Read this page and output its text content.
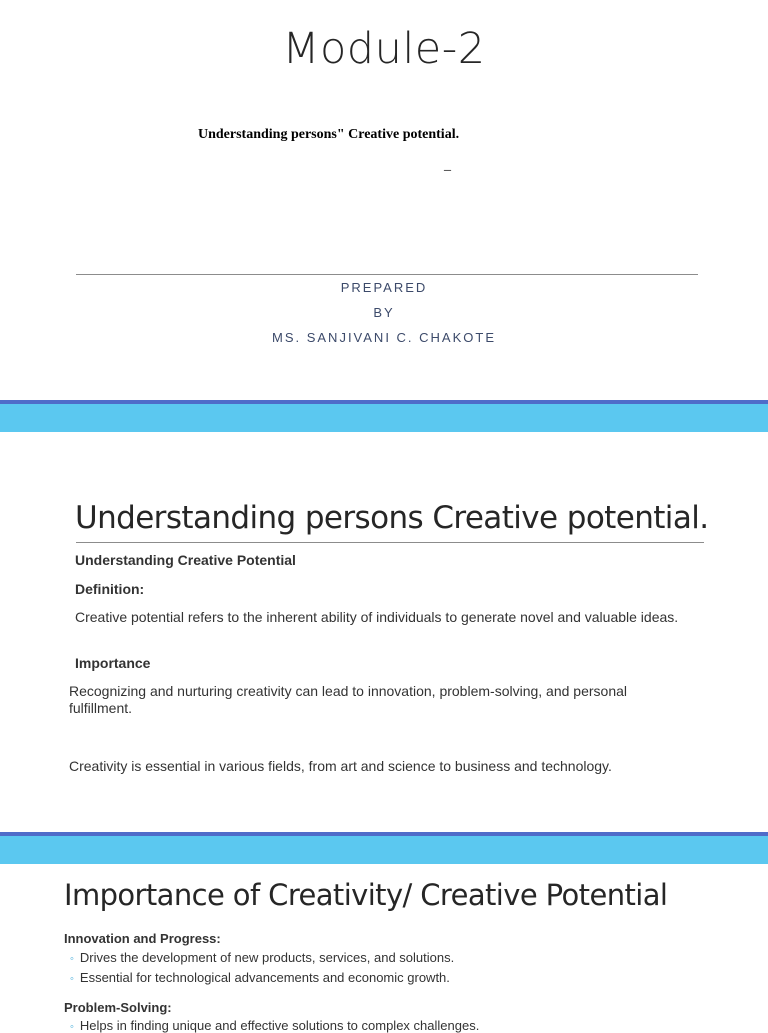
Module-2
Understanding persons" Creative potential.
_
PREPARED
BY
MS. SANJIVANI C. CHAKOTE
Understanding persons Creative potential.
Understanding Creative Potential
Definition:
Creative potential refers to the inherent ability of individuals to generate novel and valuable ideas.
Importance
Recognizing and nurturing creativity can lead to innovation, problem-solving, and personal fulfillment.
Creativity is essential in various fields, from art and science to business and technology.
Importance of Creativity/ Creative Potential
Innovation and Progress:
◦ Drives the development of new products, services, and solutions.
◦ Essential for technological advancements and economic growth.
Problem-Solving:
◦ Helps in finding unique and effective solutions to complex challenges.
